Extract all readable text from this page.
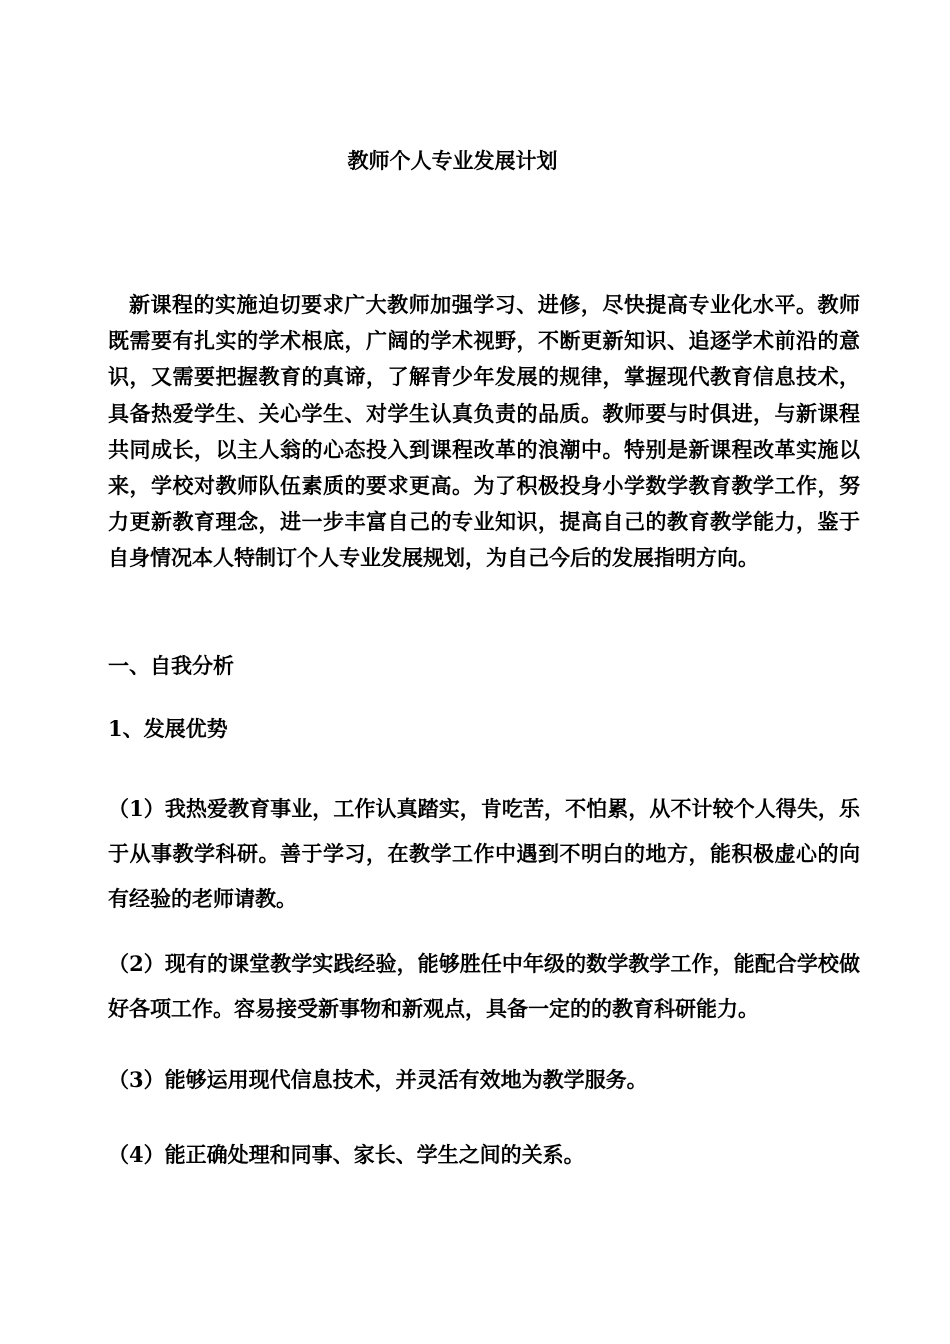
教师个人专业发展计划

新课程的实施迫切要求广大教师加强学习、进修，尽快提高专业化水平。教师既需要有扎实的学术根底，广阔的学术视野，不断更新知识、追逐学术前沿的意识，又需要把握教育的真谛，了解青少年发展的规律，掌握现代教育信息技术，具备热爱学生、关心学生、对学生认真负责的品质。教师要与时俱进，与新课程共同成长，以主人翁的心态投入到课程改革的浪潮中。特别是新课程改革实施以来，学校对教师队伍素质的要求更高。为了积极投身小学数学教育教学工作，努力更新教育理念，进一步丰富自己的专业知识，提高自己的教育教学能力，鉴于自身情况本人特制订个人专业发展规划，为自己今后的发展指明方向。

一、自我分析

1、发展优势

（1）我热爱教育事业，工作认真踏实，肯吃苦，不怕累，从不计较个人得失，乐于从事教学科研。善于学习，在教学工作中遇到不明白的地方，能积极虚心的向有经验的老师请教。

（2）现有的课堂教学实践经验，能够胜任中年级的数学教学工作，能配合学校做好各项工作。容易接受新事物和新观点，具备一定的的教育科研能力。

（3）能够运用现代信息技术，并灵活有效地为教学服务。

（4）能正确处理和同事、家长、学生之间的关系。
